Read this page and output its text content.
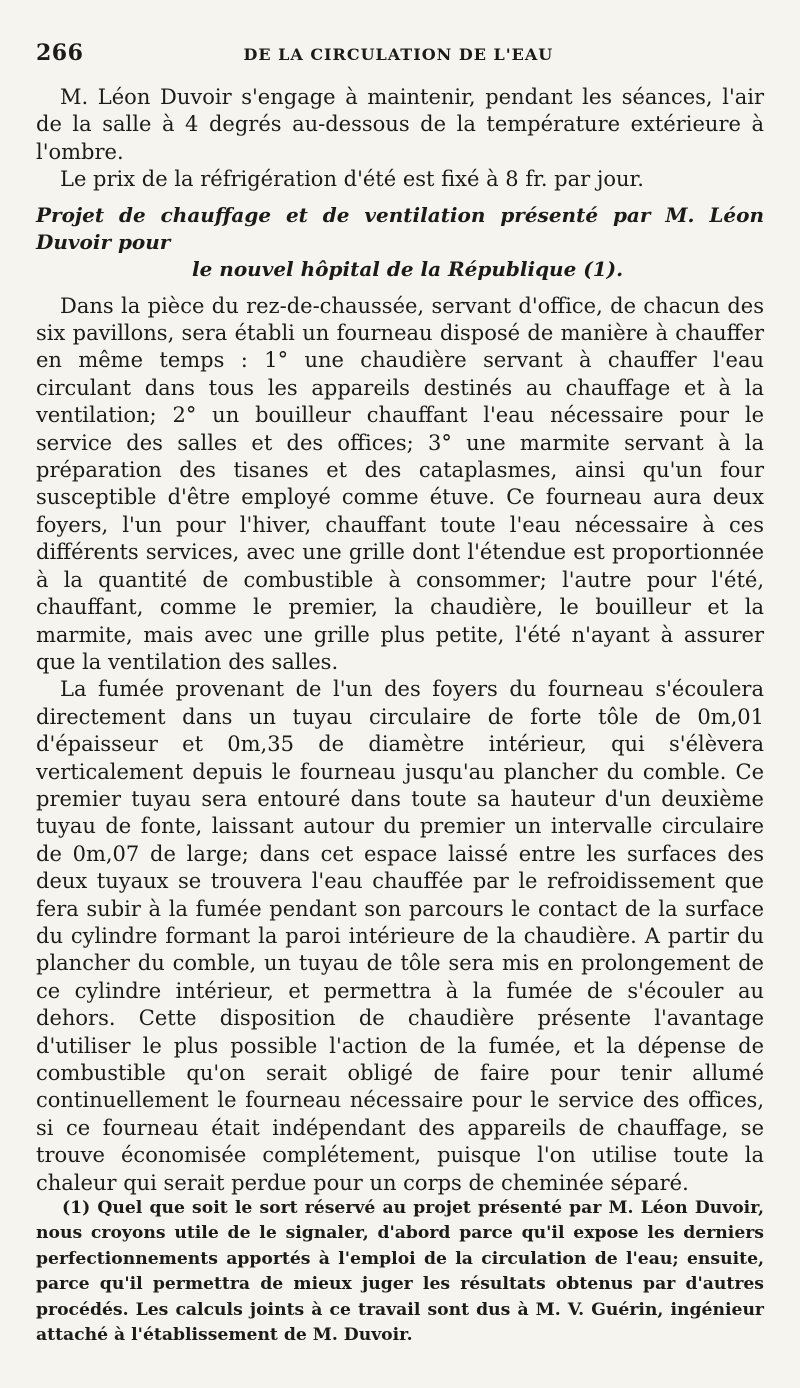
266	DE LA CIRCULATION DE L'EAU

M. Léon Duvoir s'engage à maintenir, pendant les séances, l'air de la salle à 4 degrés au-dessous de la température extérieure à l'ombre.

Le prix de la réfrigération d'été est fixé à 8 fr. par jour.

Projet de chauffage et de ventilation présenté par M. Léon Duvoir pour
le nouvel hôpital de la République (1).

Dans la pièce du rez-de-chaussée, servant d'office, de chacun des six pavillons, sera établi un fourneau disposé de manière à chauffer en même temps : 1° une chaudière servant à chauffer l'eau circulant dans tous les appareils destinés au chauffage et à la ventilation; 2° un bouilleur chauffant l'eau nécessaire pour le service des salles et des offices; 3° une marmite servant à la préparation des tisanes et des cataplasmes, ainsi qu'un four susceptible d'être employé comme étuve. Ce fourneau aura deux foyers, l'un pour l'hiver, chauffant toute l'eau nécessaire à ces différents services, avec une grille dont l'étendue est proportionnée à la quantité de combustible à consommer; l'autre pour l'été, chauffant, comme le premier, la chaudière, le bouilleur et la marmite, mais avec une grille plus petite, l'été n'ayant à assurer que la ventilation des salles.

La fumée provenant de l'un des foyers du fourneau s'écoulera directement dans un tuyau circulaire de forte tôle de 0m,01 d'épaisseur et 0m,35 de diamètre intérieur, qui s'élèvera verticalement depuis le fourneau jusqu'au plancher du comble. Ce premier tuyau sera entouré dans toute sa hauteur d'un deuxième tuyau de fonte, laissant autour du premier un intervalle circulaire de 0m,07 de large; dans cet espace laissé entre les surfaces des deux tuyaux se trouvera l'eau chauffée par le refroidissement que fera subir à la fumée pendant son parcours le contact de la surface du cylindre formant la paroi intérieure de la chaudière. A partir du plancher du comble, un tuyau de tôle sera mis en prolongement de ce cylindre intérieur, et permettra à la fumée de s'écouler au dehors. Cette disposition de chaudière présente l'avantage d'utiliser le plus possible l'action de la fumée, et la dépense de combustible qu'on serait obligé de faire pour tenir allumé continuellement le fourneau nécessaire pour le service des offices, si ce fourneau était indépendant des appareils de chauffage, se trouve économisée complétement, puisque l'on utilise toute la chaleur qui serait perdue pour un corps de cheminée séparé.

(1) Quel que soit le sort réservé au projet présenté par M. Léon Duvoir, nous croyons utile de le signaler, d'abord parce qu'il expose les derniers perfectionnements apportés à l'emploi de la circulation de l'eau; ensuite, parce qu'il permettra de mieux juger les résultats obtenus par d'autres procédés. Les calculs joints à ce travail sont dus à M. V. Guérin, ingénieur attaché à l'établissement de M. Duvoir.
